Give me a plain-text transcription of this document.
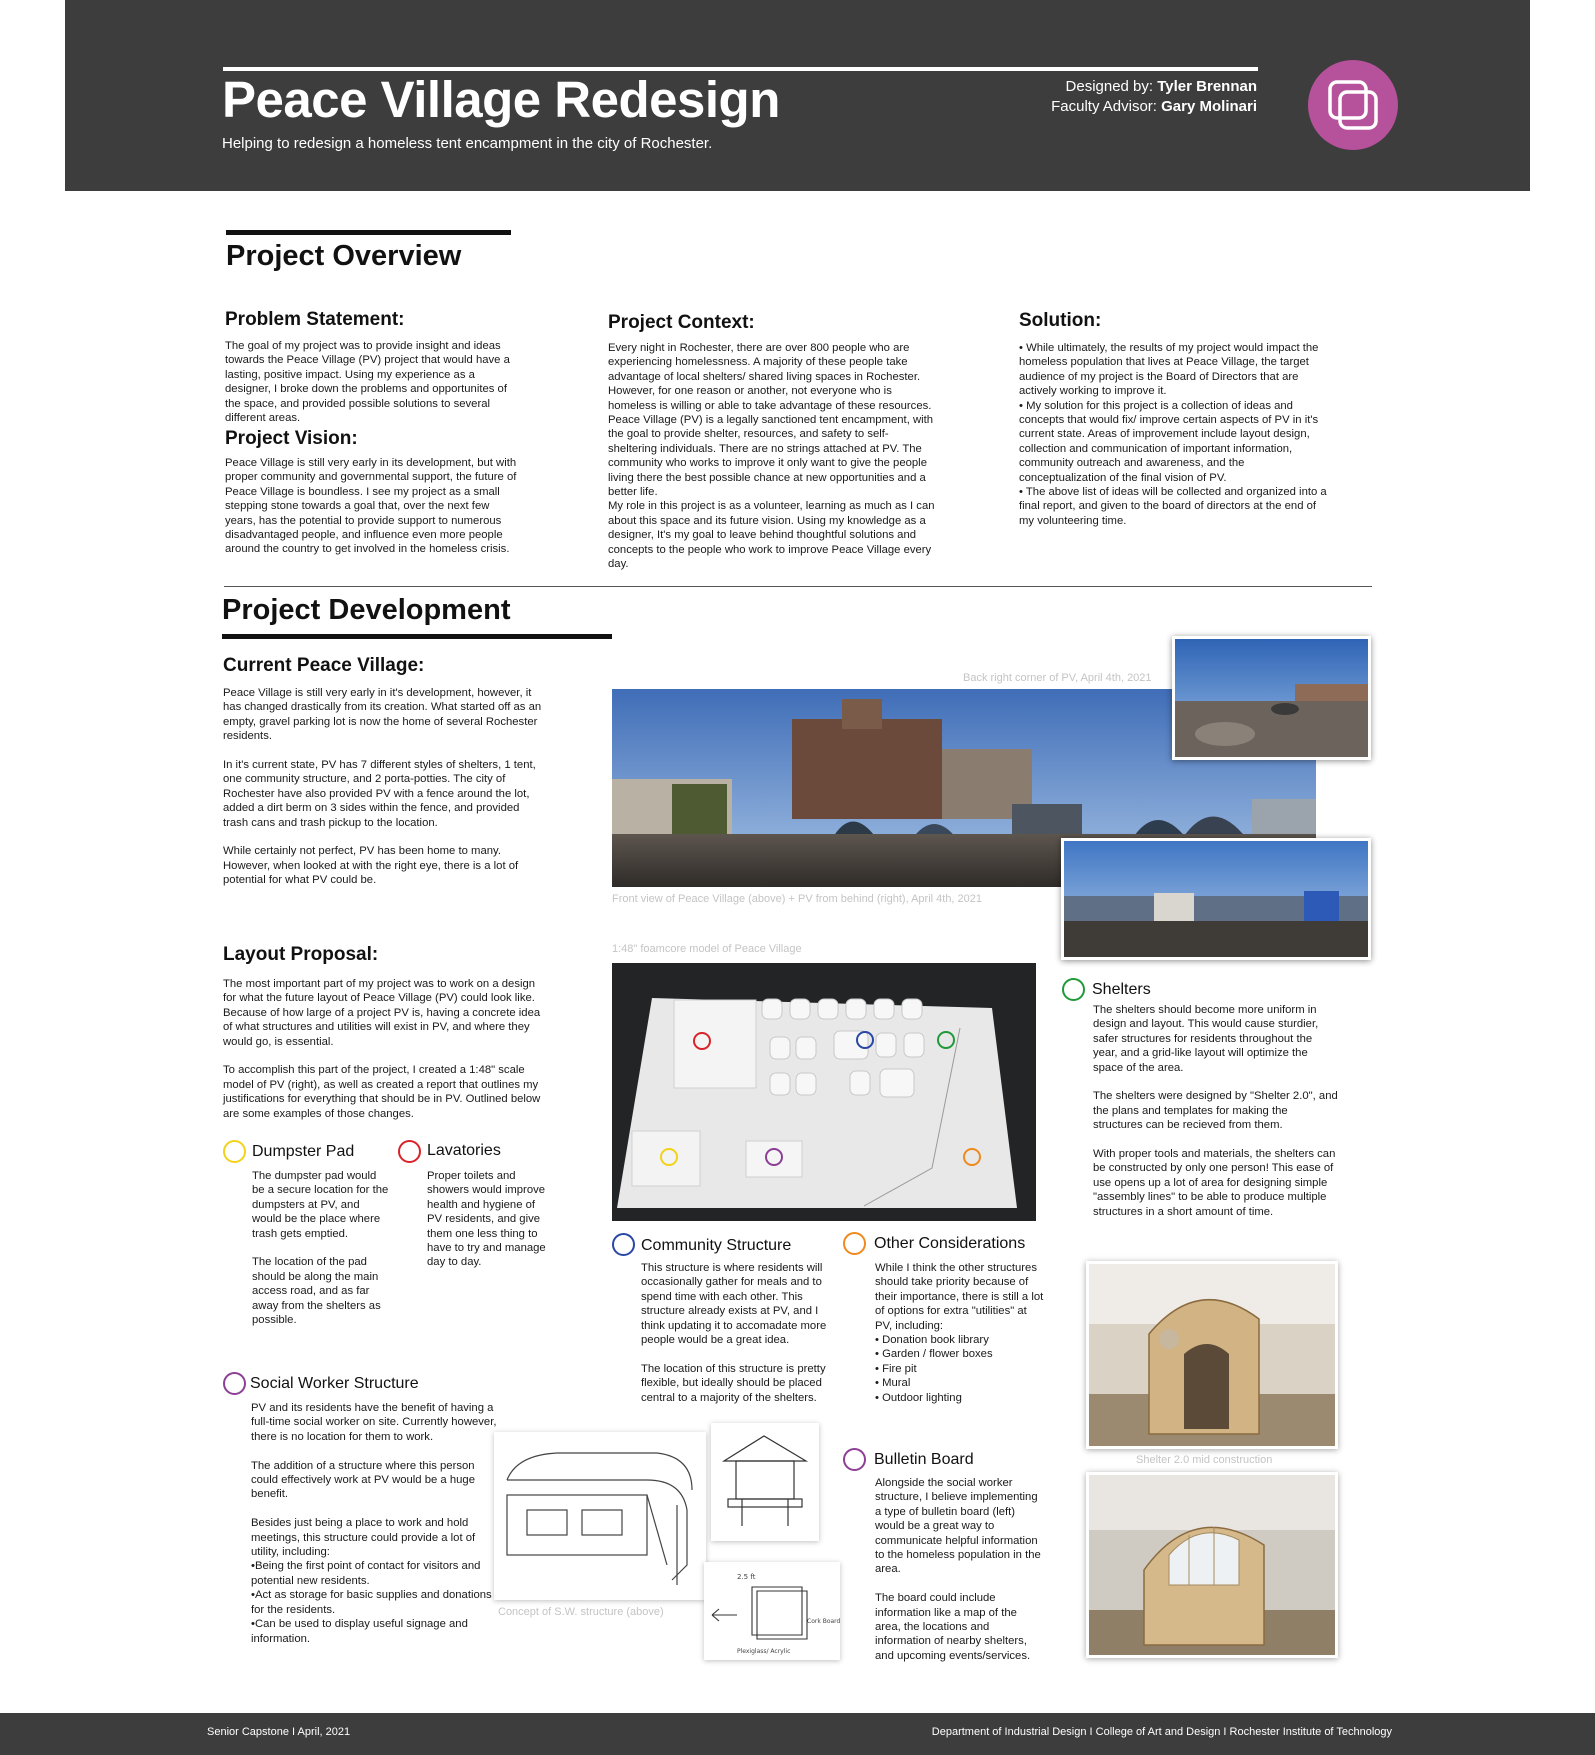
Peace Village Redesign
Helping to redesign a homeless tent encampment in the city of Rochester.
Designed by: Tyler Brennan
Faculty Advisor: Gary Molinari
Project Overview
Problem Statement:
The goal of my project was to provide insight and ideas towards the Peace Village (PV) project that would have a lasting, positive impact. Using my experience as a designer, I broke down the problems and opportunites of the space, and provided possible solutions to several different areas.
Project Vision:
Peace Village is still very early in its development, but with proper community and governmental support, the future of Peace Village is boundless. I see my project as a small stepping stone towards a goal that, over the next few years, has the potential to provide support to numerous disadvantaged people, and influence even more people around the country to get involved in the homeless crisis.
Project Context:
Every night in Rochester, there are over 800 people who are experiencing homelessness. A majority of these people take advantage of local shelters/ shared living spaces in Rochester. However, for one reason or another, not everyone who is homeless is willing or able to take advantage of these resources. Peace Village (PV) is a legally sanctioned tent encampment, with the goal to provide shelter, resources, and safety to self-sheltering individuals. There are no strings attached at PV. The community who works to improve it only want to give the people living there the best possible chance at new opportunities and a better life.
My role in this project is as a volunteer, learning as much as I can about this space and its future vision. Using my knowledge as a designer, It's my goal to leave behind thoughtful solutions and concepts to the people who work to improve Peace Village every day.
Solution:
• While ultimately, the results of my project would impact the homeless population that lives at Peace Village, the target audience of my project is the Board of Directors that are actively working to improve it.
• My solution for this project is a collection of ideas and concepts that would fix/ improve certain aspects of PV in it's current state. Areas of improvement include layout design, collection and communication of important information, community outreach and awareness, and the conceptualization of the final vision of PV.
• The above list of ideas will be collected and organized into a final report, and given to the board of directors at the end of my volunteering time.
Project Development
Current Peace Village:
Peace Village is still very early in it's development, however, it has changed drastically from its creation. What started off as an empty, gravel parking lot is now the home of several Rochester residents.

In it's current state, PV has 7 different styles of shelters, 1 tent, one community structure, and 2 porta-potties. The city of Rochester have also provided PV with a fence around the lot, added a dirt berm on 3 sides within the fence, and provided trash cans and trash pickup to the location.

While certainly not perfect, PV has been home to many. However, when looked at with the right eye, there is a lot of potential for what PV could be.
Back right corner of PV, April 4th, 2021
Front view of Peace Village (above) + PV from behind (right), April 4th, 2021
Layout Proposal:
The most important part of my project was to work on a design for what the future layout of Peace Village (PV) could look like. Because of how large of a project PV is, having a concrete idea of what structures and utilities will exist in PV, and where they would go, is essential.

To accomplish this part of the project, I created a 1:48" scale model of PV (right), as well as created a report that outlines my justifications for everything that should be in PV. Outlined below are some examples of those changes.
1:48" foamcore model of Peace Village
Dumpster Pad
The dumpster pad would be a secure location for the dumpsters at PV, and would be the place where trash gets emptied.

The location of the pad should be along the main access road, and as far away from the shelters as possible.
Lavatories
Proper toilets and showers would improve health and hygiene of PV residents, and give them one less thing to have to try and manage day to day.
Social Worker Structure
PV and its residents have the benefit of having a full-time social worker on site. Currently however, there is no location for them to work.

The addition of a structure where this person could effectively work at PV would be a huge benefit.

Besides just being a place to work and hold meetings, this structure could provide a lot of utility, including:
•Being the first point of contact for visitors and potential new residents.
•Act as storage for basic supplies and donations for the residents.
•Can be used to display useful signage and information.
Community Structure
This structure is where residents will occasionally gather for meals and to spend time with each other. This structure already exists at PV, and I think updating it to accomadate more people would be a great idea.

The location of this structure is pretty flexible, but ideally should be placed central to a majority of the shelters.
Other Considerations
While I think the other structures should take priority because of their importance, there is still a lot of options for extra "utilities" at PV, including:
• Donation book library
• Garden / flower boxes
• Fire pit
• Mural
• Outdoor lighting
Shelters
The shelters should become more uniform in design and layout. This would cause sturdier, safer structures for residents throughout the year, and a grid-like layout will optimize the space of the area.

The shelters were designed by "Shelter 2.0", and the plans and templates for making the structures can be recieved from them.

With proper tools and materials, the shelters can be constructed by only one person! This ease of use opens up a lot of area for designing simple "assembly lines" to be able to produce multiple structures in a short amount of time.
Bulletin Board
Alongside the social worker structure, I believe implementing a type of bulletin board (left) would be a great way to communicate helpful information to the homeless population in the area.

The board could include information like a map of the area, the locations and information of nearby shelters, and upcoming events/services.
Concept of S.W. structure (above)
2.5 ft
Plexiglass/ Acrylic
Cork Board
Shelter 2.0 mid construction
Senior Capstone I April, 2021	Department of Industrial Design I College of Art and Design I Rochester Institute of Technology
